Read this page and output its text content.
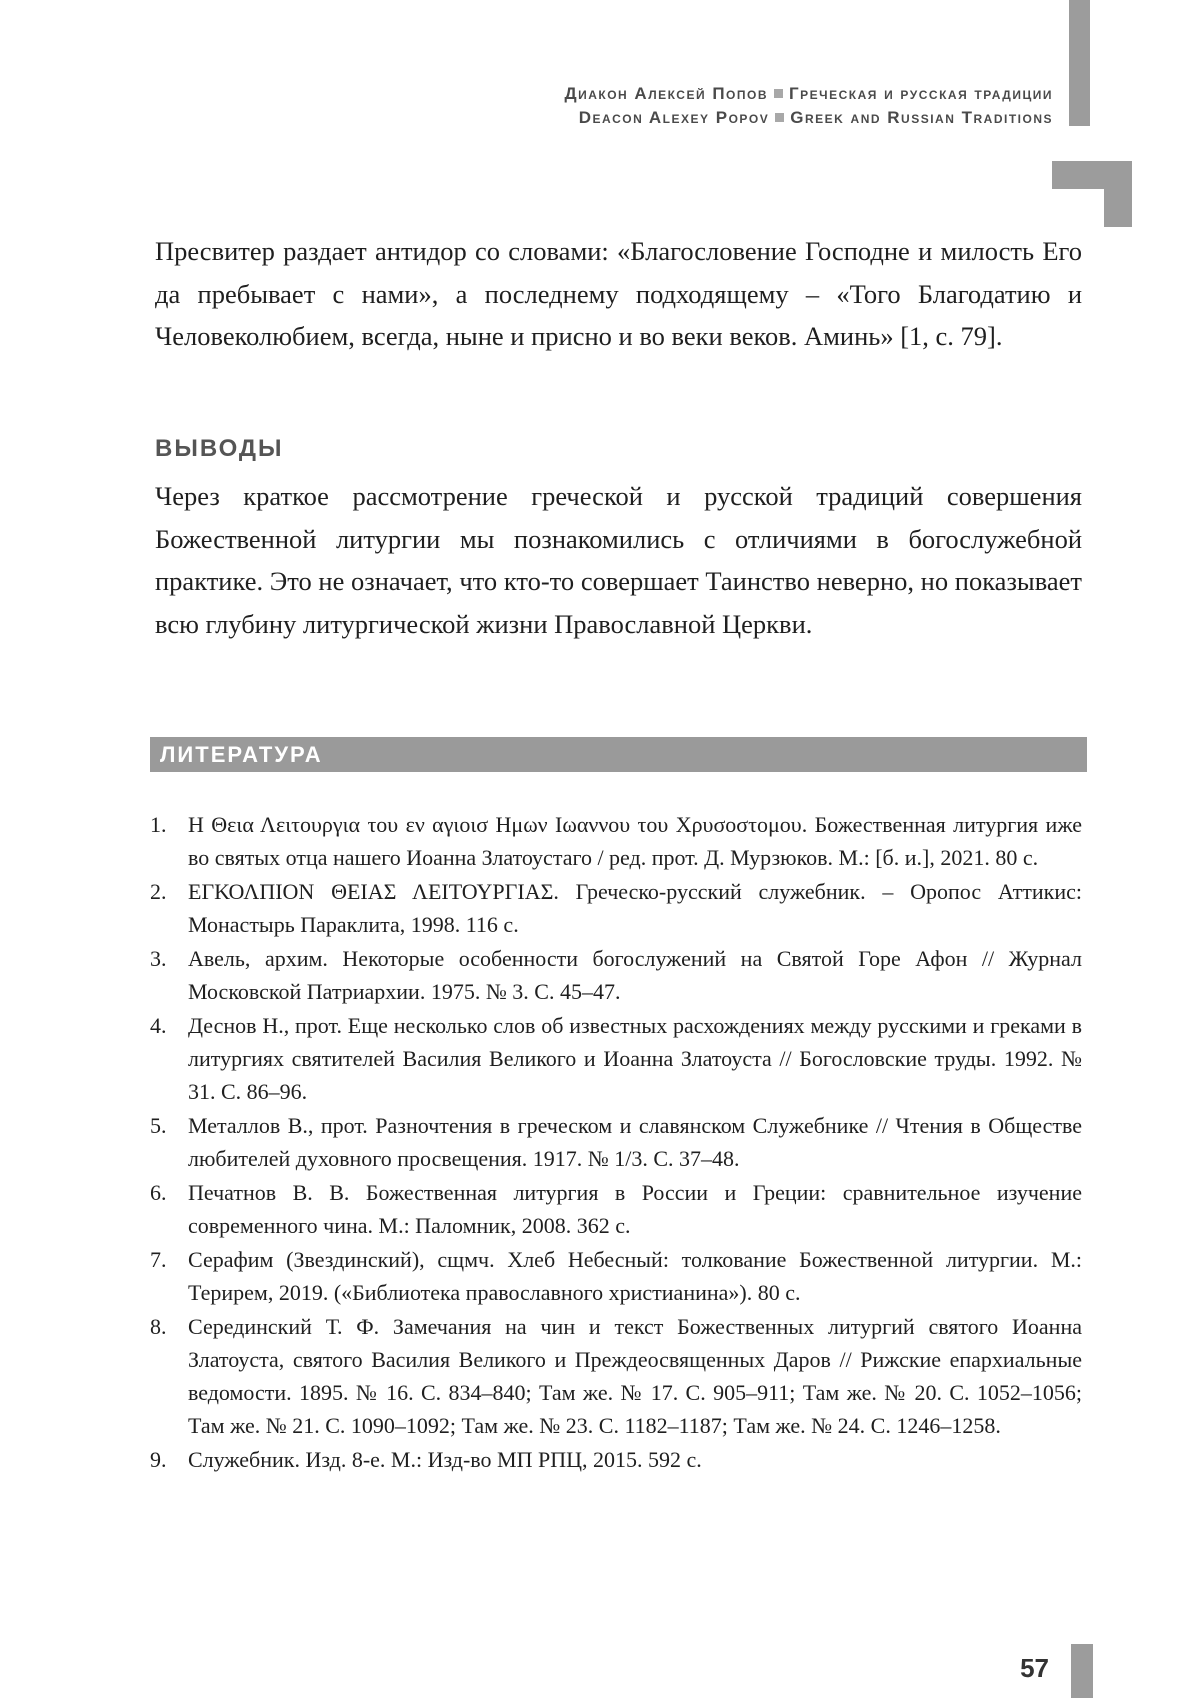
Диакон Алексей Попов Греческая и русская традиции
Deacon Alexey Popov Greek and Russian Traditions

Пресвитер раздает антидор со словами: «Благословение Господне и милость Его да пребывает с нами», а последнему подходящему – «Того Благодатию и Человеколюбием, всегда, ныне и присно и во веки веков. Аминь» [1, с. 79].

ВЫВОДЫ

Через краткое рассмотрение греческой и русской традиций совершения Божественной литургии мы познакомились с отличиями в богослужебной практике. Это не означает, что кто-то совершает Таинство неверно, но показывает всю глубину литургической жизни Православной Церкви.

ЛИТЕРАТУРА
1. Η Θεια Λειτουργια του εν αγιοισ Ημων Ιωαννου του Χρυσοστομου. Божественная литургия иже во святых отца нашего Иоанна Златоустаго / ред. прот. Д. Мурзюков. М.: [б. и.], 2021. 80 с.
2. ΕΓΚΟΛΠΙΟΝ ΘΕΙΑΣ ΛΕΙΤΟΥΡΓΙΑΣ. Греческо-русский служебник. – Оропос Аттикис: Монастырь Параклита, 1998. 116 с.
3. Авель, архим. Некоторые особенности богослужений на Святой Горе Афон // Журнал Московской Патриархии. 1975. № 3. С. 45–47.
4. Деснов Н., прот. Еще несколько слов об известных расхождениях между русскими и греками в литургиях святителей Василия Великого и Иоанна Златоуста // Богословские труды. 1992. № 31. С. 86–96.
5. Металлов В., прот. Разночтения в греческом и славянском Служебнике // Чтения в Обществе любителей духовного просвещения. 1917. № 1/3. С. 37–48.
6. Печатнов В. В. Божественная литургия в России и Греции: сравнительное изучение современного чина. М.: Паломник, 2008. 362 с.
7. Серафим (Звездинский), сщмч. Хлеб Небесный: толкование Божественной литургии. М.: Терирем, 2019. («Библиотека православного христианина»). 80 с.
8. Серединский Т. Ф. Замечания на чин и текст Божественных литургий святого Иоанна Златоуста, святого Василия Великого и Преждеосвященных Даров // Рижские епархиальные ведомости. 1895. № 16. С. 834–840; Там же. № 17. С. 905–911; Там же. № 20. С. 1052–1056; Там же. № 21. С. 1090–1092; Там же. № 23. С. 1182–1187; Там же. № 24. С. 1246–1258.
9. Служебник. Изд. 8-е. М.: Изд-во МП РПЦ, 2015. 592 с.
57
